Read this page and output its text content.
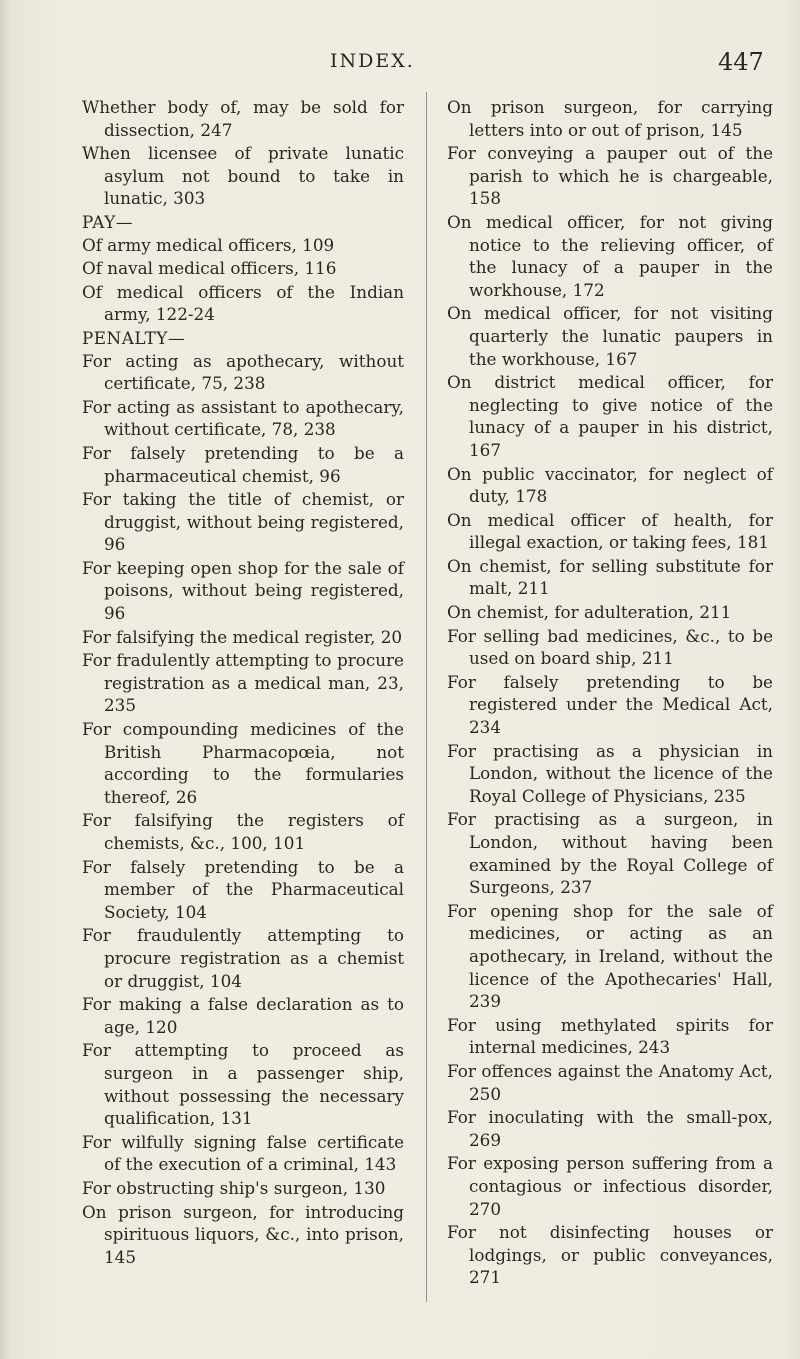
INDEX.	447

Whether body of, may be sold for dissection, 247

When licensee of private lunatic asylum not bound to take in lunatic, 303

PAY—

Of army medical officers, 109

Of naval medical officers, 116

Of medical officers of the Indian army, 122-24

PENALTY—

For acting as apothecary, without certificate, 75, 238

For acting as assistant to apothecary, without certificate, 78, 238

For falsely pretending to be a pharmaceutical chemist, 96

For taking the title of chemist, or druggist, without being registered, 96

For keeping open shop for the sale of poisons, without being registered, 96

For falsifying the medical register, 20

For fradulently attempting to procure registration as a medical man, 23, 235

For compounding medicines of the British Pharmacopœia, not according to the formularies thereof, 26

For falsifying the registers of chemists, &c., 100, 101

For falsely pretending to be a member of the Pharmaceutical Society, 104

For fraudulently attempting to procure registration as a chemist or druggist, 104

For making a false declaration as to age, 120

For attempting to proceed as surgeon in a passenger ship, without possessing the necessary qualification, 131

For wilfully signing false certificate of the execution of a criminal, 143

For obstructing ship's surgeon, 130

On prison surgeon, for introducing spirituous liquors, &c., into prison, 145

On prison surgeon, for carrying letters into or out of prison, 145

For conveying a pauper out of the parish to which he is chargeable, 158

On medical officer, for not giving notice to the relieving officer, of the lunacy of a pauper in the workhouse, 172

On medical officer, for not visiting quarterly the lunatic paupers in the workhouse, 167

On district medical officer, for neglecting to give notice of the lunacy of a pauper in his district, 167

On public vaccinator, for neglect of duty, 178

On medical officer of health, for illegal exaction, or taking fees, 181

On chemist, for selling substitute for malt, 211

On chemist, for adulteration, 211

For selling bad medicines, &c., to be used on board ship, 211

For falsely pretending to be registered under the Medical Act, 234

For practising as a physician in London, without the licence of the Royal College of Physicians, 235

For practising as a surgeon, in London, without having been examined by the Royal College of Surgeons, 237

For opening shop for the sale of medicines, or acting as an apothecary, in Ireland, without the licence of the Apothecaries' Hall, 239

For using methylated spirits for internal medicines, 243

For offences against the Anatomy Act, 250

For inoculating with the small-pox, 269

For exposing person suffering from a contagious or infectious disorder, 270

For not disinfecting houses or lodgings, or public conveyances, 271
